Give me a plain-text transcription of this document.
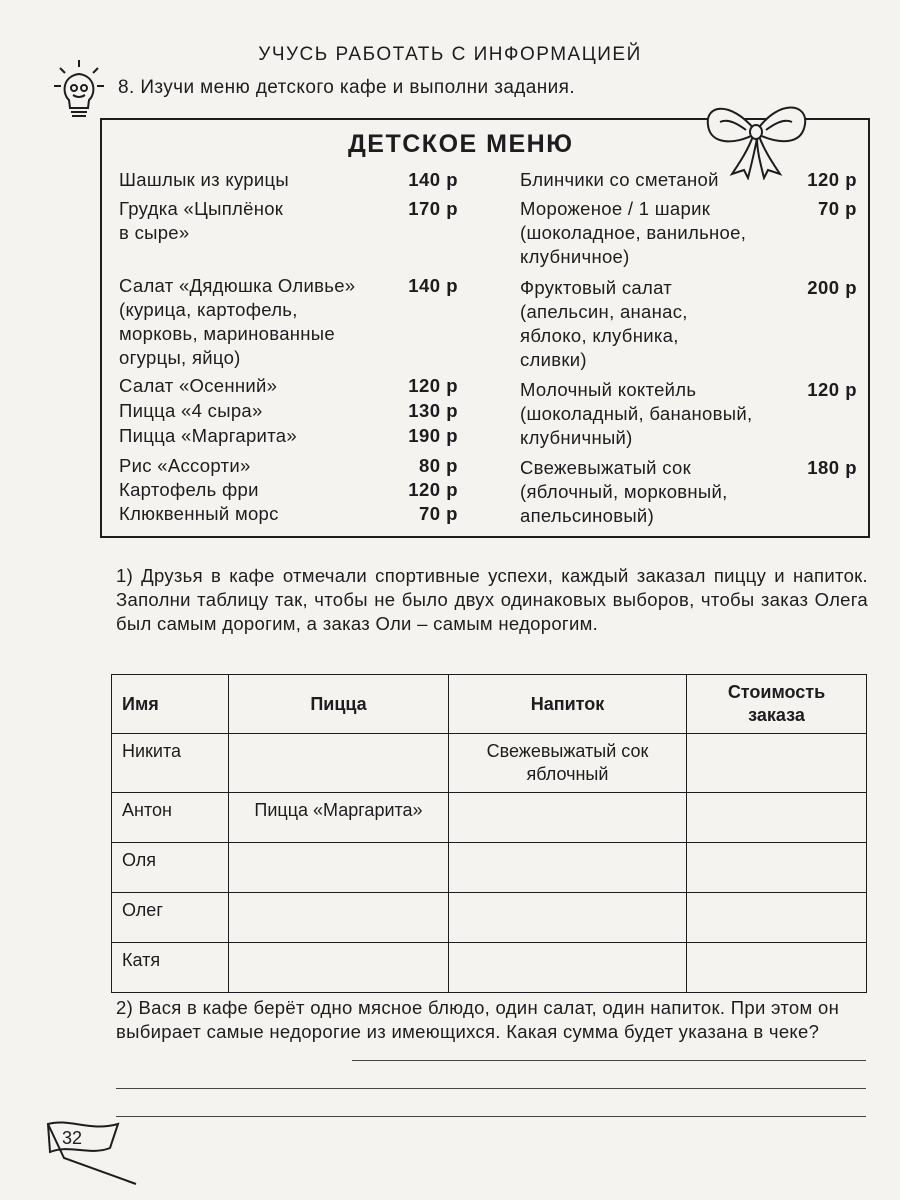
УЧУСЬ РАБОТАТЬ С ИНФОРМАЦИЕЙ
8. Изучи меню детского кафе и выполни задания.
ДЕТСКОЕ МЕНЮ
Шашлык из курицы	140 р
Грудка «Цыплёнок
в сыре»
170 р
Салат «Дядюшка Оливье»
(курица, картофель,
морковь, маринованные
огурцы, яйцо)
140 р
Салат «Осенний»	120 р
Пицца «4 сыра»	130 р
Пицца «Маргарита»	190 р
Рис «Ассорти»	80 р
Картофель фри	120 р
Клюквенный морс	70 р
Блинчики со сметаной	120 р
Мороженое / 1 шарик
(шоколадное, ванильное,
клубничное)
70 р
Фруктовый салат
(апельсин, ананас,
яблоко, клубника,
сливки)
200 р
Молочный коктейль
(шоколадный, банановый,
клубничный)
120 р
Свежевыжатый сок
(яблочный, морковный,
апельсиновый)
180 р
1) Друзья в кафе отмечали спортивные успехи, каждый заказал пиццу и напиток. Заполни таблицу так, чтобы не было двух одинаковых выборов, чтобы заказ Олега был самым дорогим, а заказ Оли – самым недорогим.
Имя	Пицца	Напиток	Стоимость заказа
Никита		Свежевыжатый сок яблочный	
Антон	Пицца «Маргарита»		
Оля			
Олег			
Катя			
2) Вася в кафе берёт одно мясное блюдо, один салат, один напиток. При этом он выбирает самые недорогие из имеющихся. Какая сумма будет указана в чеке?
32
